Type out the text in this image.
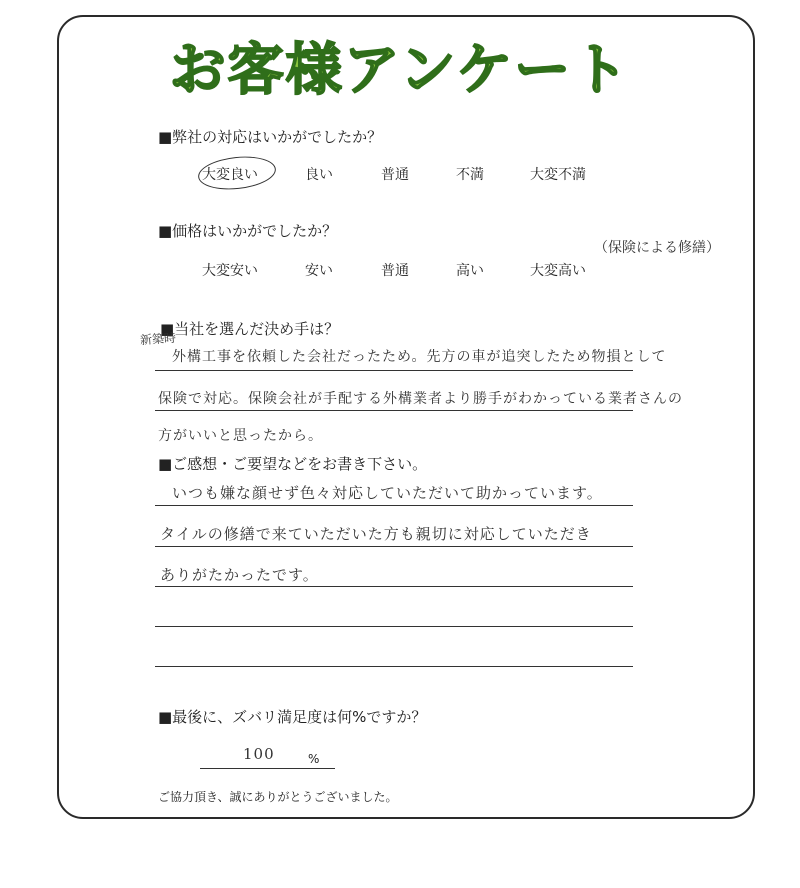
お客様アンケート
■弊社の対応はいかがでしたか？
大変良い	良い	普通	不満	大変不満
■価格はいかがでしたか？
大変安い	安い	普通	高い	大変高い
（保険による修繕）
■当社を選んだ決め手は？
新築時
外構工事を依頼した会社だったため。先方の車が追突したため物損として
保険で対応。保険会社が手配する外構業者より勝手がわかっている業者さんの
方がいいと思ったから。
■ご感想・ご要望などをお書き下さい。
いつも嫌な顔せず色々対応していただいて助かっています。
タイルの修繕で来ていただいた方も親切に対応していただき
ありがたかったです。
■最後に、ズバリ満足度は何%ですか？
100	%
ご協力頂き、誠にありがとうございました。
